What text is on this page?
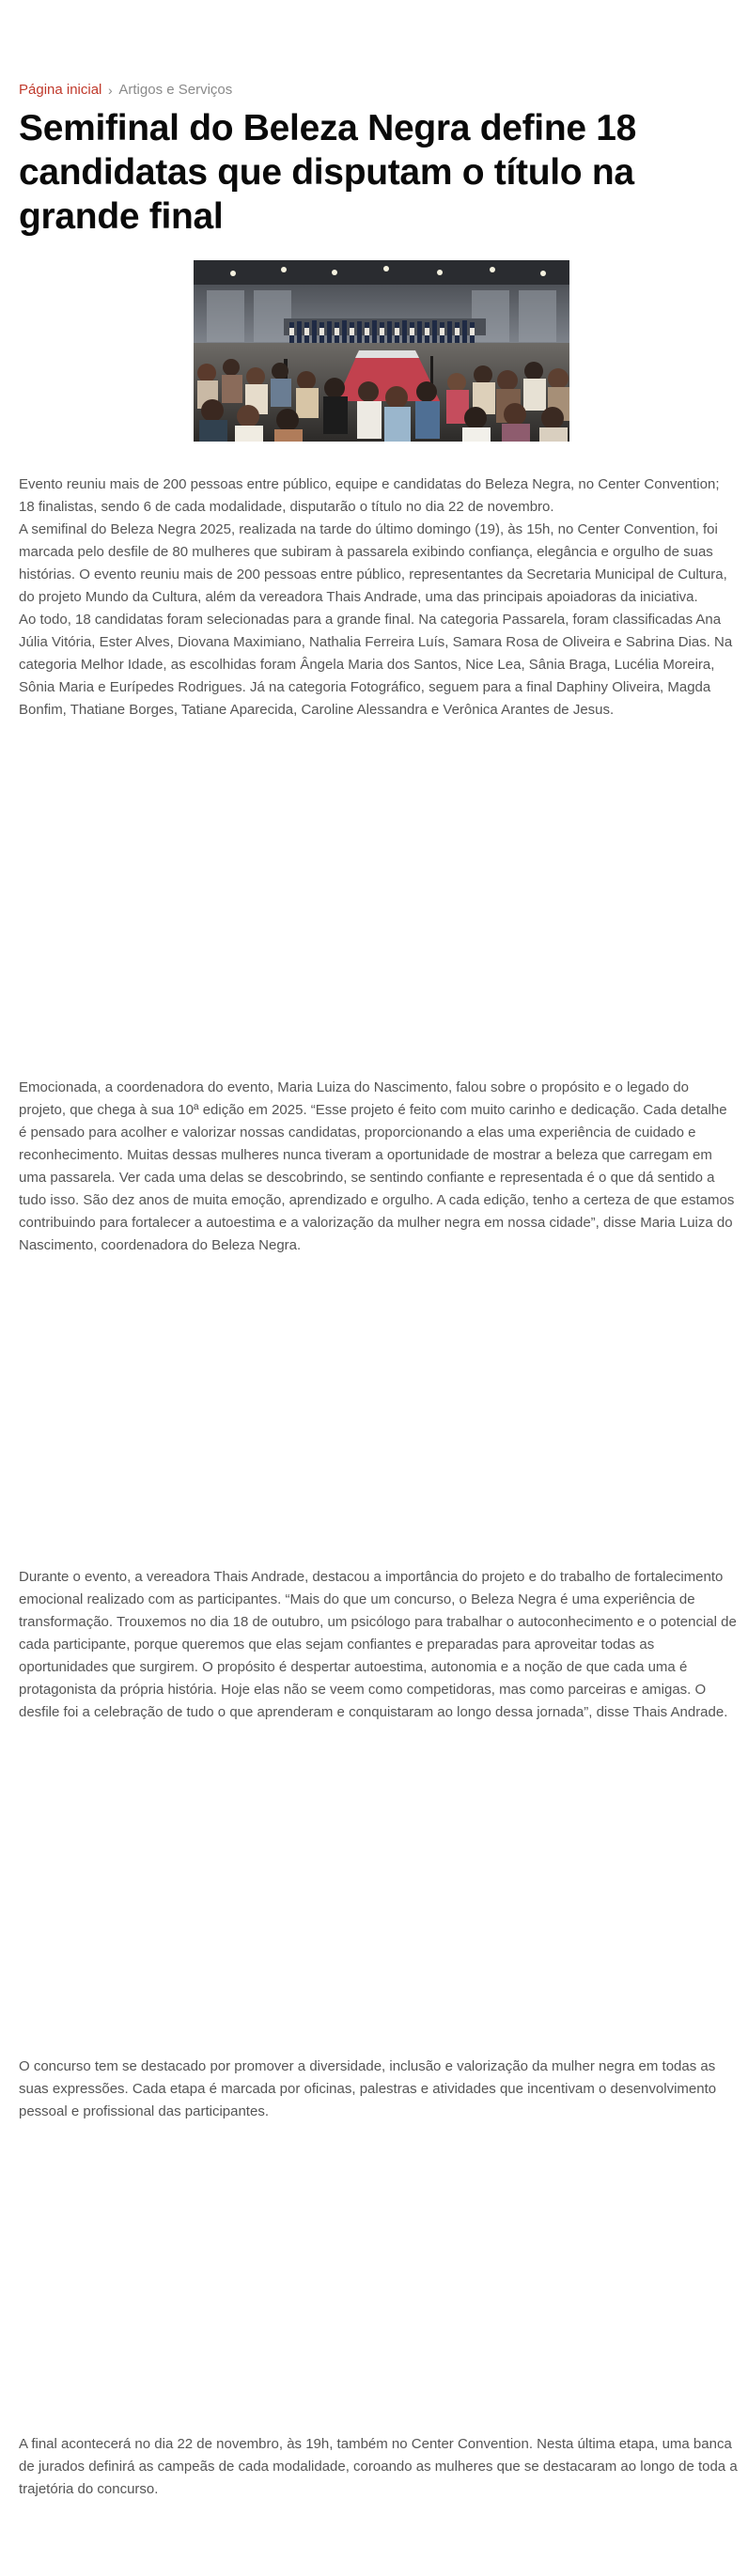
Página inicial › Artigos e Serviços
Semifinal do Beleza Negra define 18 candidatas que disputam o título na grande final

Evento reuniu mais de 200 pessoas entre público, equipe e candidatas do Beleza Negra, no Center Convention; 18 finalistas, sendo 6 de cada modalidade, disputarão o título no dia 22 de novembro.
A semifinal do Beleza Negra 2025, realizada na tarde do último domingo (19), às 15h, no Center Convention, foi marcada pelo desfile de 80 mulheres que subiram à passarela exibindo confiança, elegância e orgulho de suas histórias. O evento reuniu mais de 200 pessoas entre público, representantes da Secretaria Municipal de Cultura, do projeto Mundo da Cultura, além da vereadora Thais Andrade, uma das principais apoiadoras da iniciativa.
Ao todo, 18 candidatas foram selecionadas para a grande final. Na categoria Passarela, foram classificadas Ana Júlia Vitória, Ester Alves, Diovana Maximiano, Nathalia Ferreira Luís, Samara Rosa de Oliveira e Sabrina Dias. Na categoria Melhor Idade, as escolhidas foram Ângela Maria dos Santos, Nice Lea, Sânia Braga, Lucélia Moreira, Sônia Maria e Eurípedes Rodrigues. Já na categoria Fotográfico, seguem para a final Daphiny Oliveira, Magda Bonfim, Thatiane Borges, Tatiane Aparecida, Caroline Alessandra e Verônica Arantes de Jesus.

Emocionada, a coordenadora do evento, Maria Luiza do Nascimento, falou sobre o propósito e o legado do projeto, que chega à sua 10ª edição em 2025. “Esse projeto é feito com muito carinho e dedicação. Cada detalhe é pensado para acolher e valorizar nossas candidatas, proporcionando a elas uma experiência de cuidado e reconhecimento. Muitas dessas mulheres nunca tiveram a oportunidade de mostrar a beleza que carregam em uma passarela. Ver cada uma delas se descobrindo, se sentindo confiante e representada é o que dá sentido a tudo isso. São dez anos de muita emoção, aprendizado e orgulho. A cada edição, tenho a certeza de que estamos contribuindo para fortalecer a autoestima e a valorização da mulher negra em nossa cidade”, disse Maria Luiza do Nascimento, coordenadora do Beleza Negra.

Durante o evento, a vereadora Thais Andrade, destacou a importância do projeto e do trabalho de fortalecimento emocional realizado com as participantes. “Mais do que um concurso, o Beleza Negra é uma experiência de transformação. Trouxemos no dia 18 de outubro, um psicólogo para trabalhar o autoconhecimento e o potencial de cada participante, porque queremos que elas sejam confiantes e preparadas para aproveitar todas as oportunidades que surgirem. O propósito é despertar autoestima, autonomia e a noção de que cada uma é protagonista da própria história. Hoje elas não se veem como competidoras, mas como parceiras e amigas. O desfile foi a celebração de tudo o que aprenderam e conquistaram ao longo dessa jornada”, disse Thais Andrade.

O concurso tem se destacado por promover a diversidade, inclusão e valorização da mulher negra em todas as suas expressões. Cada etapa é marcada por oficinas, palestras e atividades que incentivam o desenvolvimento pessoal e profissional das participantes.

A final acontecerá no dia 22 de novembro, às 19h, também no Center Convention. Nesta última etapa, uma banca de jurados definirá as campeãs de cada modalidade, coroando as mulheres que se destacaram ao longo de toda a trajetória do concurso.
